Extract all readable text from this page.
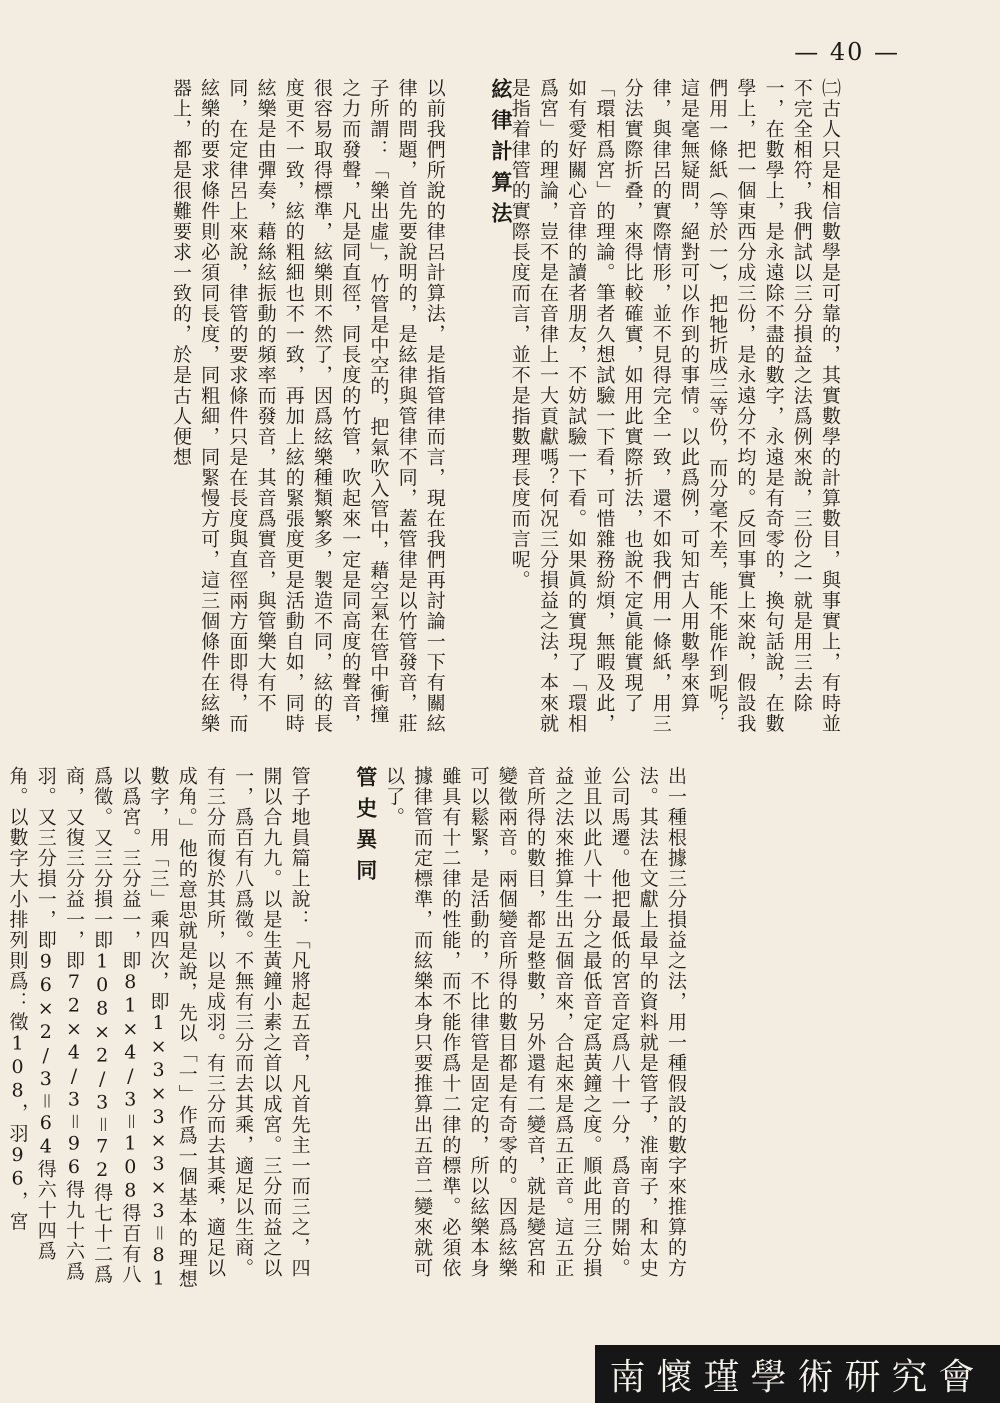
— 40 —

㈡古人只是相信數學是可靠的，其實數學的計算數目，與事實上，有時並不完全相符，我們試以三分損益之法爲例來說，三份之一就是用三去除一，在數學上，是永遠除不盡的數字，永遠是有奇零的，換句話說，在數學上，把一個東西分成三份，是永遠分不均的。反回事實上來說，假設我們用一條紙（等於一），把牠折成三等份，而分毫不差，能不能作到呢？這是毫無疑問，絕對可以作到的事情。以此爲例，可知古人用數學來算律，與律呂的實際情形，並不見得完全一致，還不如我們用一條紙，用三分法實際折叠，來得比較確實，如用此實際折法，也說不定眞能實現了「環相爲宮」的理論。筆者久想試驗一下看，可惜雜務紛煩，無暇及此，如有愛好關心音律的讀者朋友，不妨試驗一下看。如果眞的實現了「環相爲宮」的理論，豈不是在音律上一大貢獻嗎？何况三分損益之法，本來就是指着律管的實際長度而言，並不是指數理長度而言呢。

絃律計算法

以前我們所說的律呂計算法，是指管律而言，現在我們再討論一下有關絃律的問題，首先要說明的，是絃律與管律不同，蓋管律是以竹管發音，莊子所謂：「樂出虛」，竹管是中空的，把氣吹入管中，藉空氣在管中衝撞之力而發聲，凡是同直徑，同長度的竹管，吹起來一定是同高度的聲音，很容易取得標準，絃樂則不然了，因爲絃樂種類繁多，製造不同，絃的長度更不一致，絃的粗細也不一致，再加上絃的緊張度更是活動自如，同時絃樂是由彈奏，藉絲絃振動的頻率而發音，其音爲實音，與管樂大有不同，在定律呂上來說，律管的要求條件只是在長度與直徑兩方面即得，而絃樂的要求條件則必須同長度，同粗細，同緊慢方可，這三個條件在絃樂器上，都是很難要求一致的，於是古人便想

出一種根據三分損益之法，用一種假設的數字來推算的方法。其法在文獻上最早的資料就是管子，淮南子，和太史公司馬遷。他把最低的宮音定爲八十一分，爲音的開始。並且以此八十一分之最低音定爲黃鐘之度。順此用三分損益之法來推算生出五個音來，合起來是爲五正音。這五正音所得的數目，都是整數，另外還有二變音，就是變宮和變徵兩音。兩個變音所得的數目都是有奇零的。因爲絃樂可以鬆緊，是活動的，不比律管是固定的，所以絃樂本身雖具有十二律的性能，而不能作爲十二律的標準。必須依據律管而定標準，而絃樂本身只要推算出五音二變來就可以了。

管史異同

管子地員篇上說：「凡將起五音，凡首先主一而三之，四開以合九九。以是生黃鐘小素之首以成宮。三分而益之以一，爲百有八爲徵。不無有三分而去其乘，適足以生商。有三分而復於其所，以是成羽。有三分而去其乘，適足以成角。」他的意思就是說，先以「一」作爲一個基本的理想數字，用「三」乘四次，即1×3×3×3×3＝81以爲宮。三分益一，即81×4/3＝108得百有八爲徵。又三分損一即108×2/3＝72得七十二爲商，又復三分益一，即72×4/3＝96得九十六爲羽。又三分損一，即96×2/3＝64得六十四爲角。以數字大小排列則爲：徵108，羽96，宮

南懷瑾學術研究會
